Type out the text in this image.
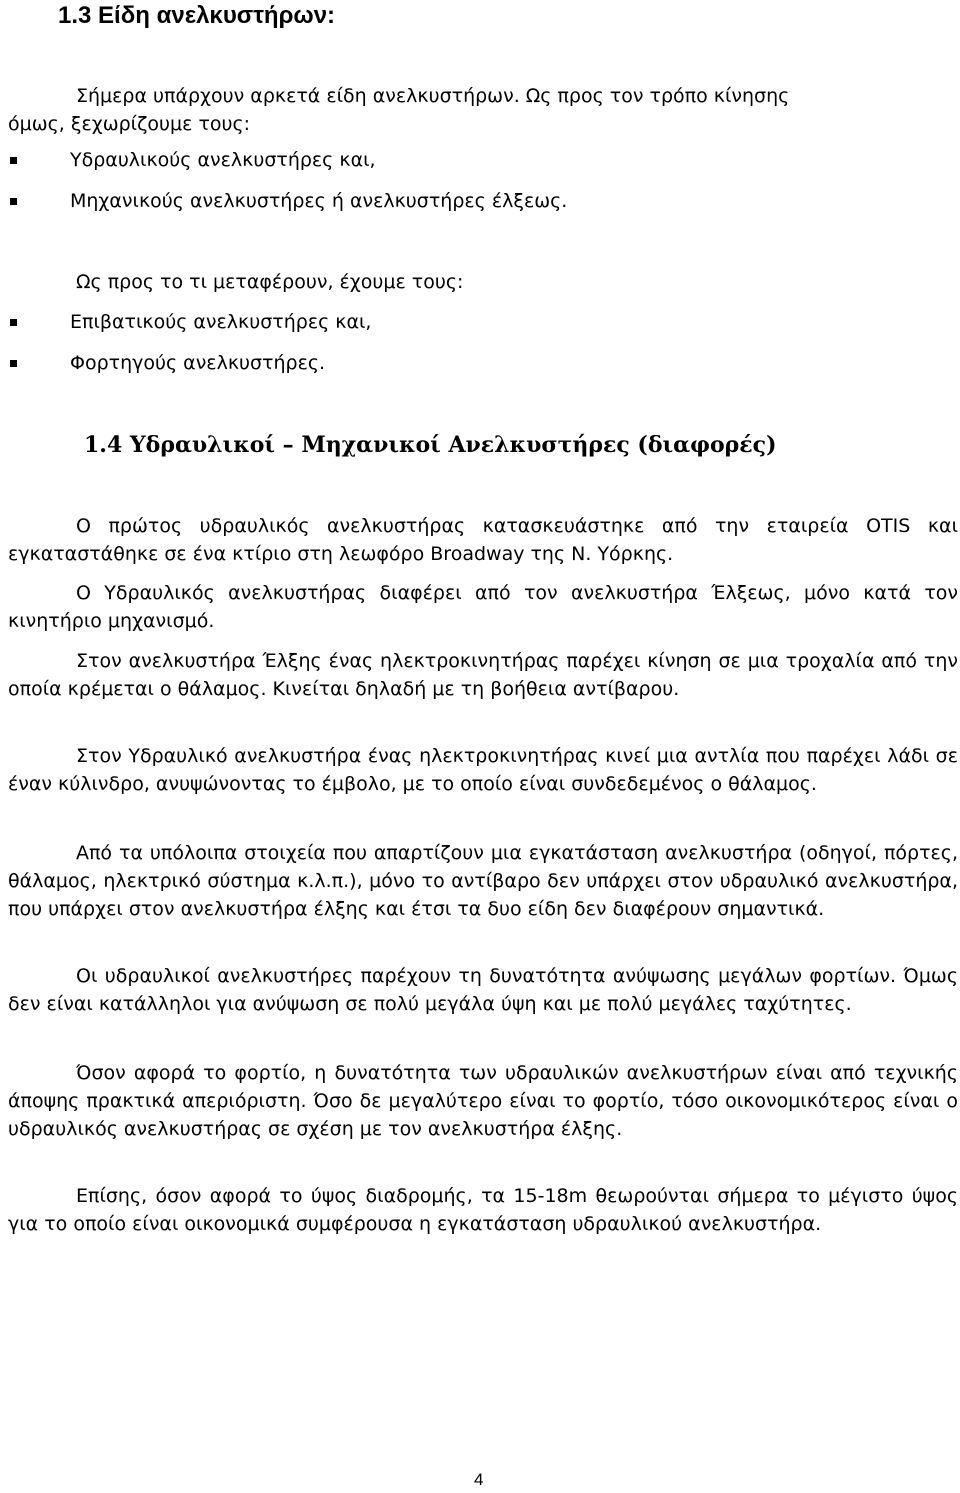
1.3 Είδη ανελκυστήρων:
Σήμερα υπάρχουν αρκετά είδη ανελκυστήρων. Ως προς τον τρόπο κίνησης
όμως, ξεχωρίζουμε τους:
Υδραυλικούς ανελκυστήρες και,
Μηχανικούς ανελκυστήρες ή ανελκυστήρες έλξεως.
Ως προς το τι μεταφέρουν, έχουμε τους:
Επιβατικούς ανελκυστήρες και,
Φορτηγούς ανελκυστήρες.
1.4 Υδραυλικοί – Μηχανικοί Ανελκυστήρες (διαφορές)

Ο πρώτος υδραυλικός ανελκυστήρας κατασκευάστηκε από την εταιρεία OTIS και εγκαταστάθηκε σε ένα κτίριο στη λεωφόρο Broadway της Ν. Υόρκης.

Ο Υδραυλικός ανελκυστήρας διαφέρει από τον ανελκυστήρα Έλξεως, μόνο κατά τον κινητήριο μηχανισμό.

Στον ανελκυστήρα Έλξης ένας ηλεκτροκινητήρας παρέχει κίνηση σε μια τροχαλία από την οποία κρέμεται ο θάλαμος. Κινείται δηλαδή με τη βοήθεια αντίβαρου.

Στον Υδραυλικό ανελκυστήρα ένας ηλεκτροκινητήρας κινεί μια αντλία που παρέχει λάδι σε έναν κύλινδρο, ανυψώνοντας το έμβολο, με το οποίο είναι συνδεδεμένος ο θάλαμος.

Από τα υπόλοιπα στοιχεία που απαρτίζουν μια εγκατάσταση ανελκυστήρα (οδηγοί, πόρτες, θάλαμος, ηλεκτρικό σύστημα κ.λ.π.), μόνο το αντίβαρο δεν υπάρχει στον υδραυλικό ανελκυστήρα, που υπάρχει στον ανελκυστήρα έλξης και έτσι τα δυο είδη δεν διαφέρουν σημαντικά.

Οι υδραυλικοί ανελκυστήρες παρέχουν τη δυνατότητα ανύψωσης μεγάλων φορτίων. Όμως δεν είναι κατάλληλοι για ανύψωση σε πολύ μεγάλα ύψη και με πολύ μεγάλες ταχύτητες.

Όσον αφορά το φορτίο, η δυνατότητα των υδραυλικών ανελκυστήρων είναι από τεχνικής άποψης πρακτικά απεριόριστη. Όσο δε μεγαλύτερο είναι το φορτίο, τόσο οικονομικότερος είναι ο υδραυλικός ανελκυστήρας σε σχέση με τον ανελκυστήρα έλξης.

Επίσης, όσον αφορά το ύψος διαδρομής, τα 15-18m θεωρούνται σήμερα το μέγιστο ύψος για το οποίο είναι οικονομικά συμφέρουσα η εγκατάσταση υδραυλικού ανελκυστήρα.

4
